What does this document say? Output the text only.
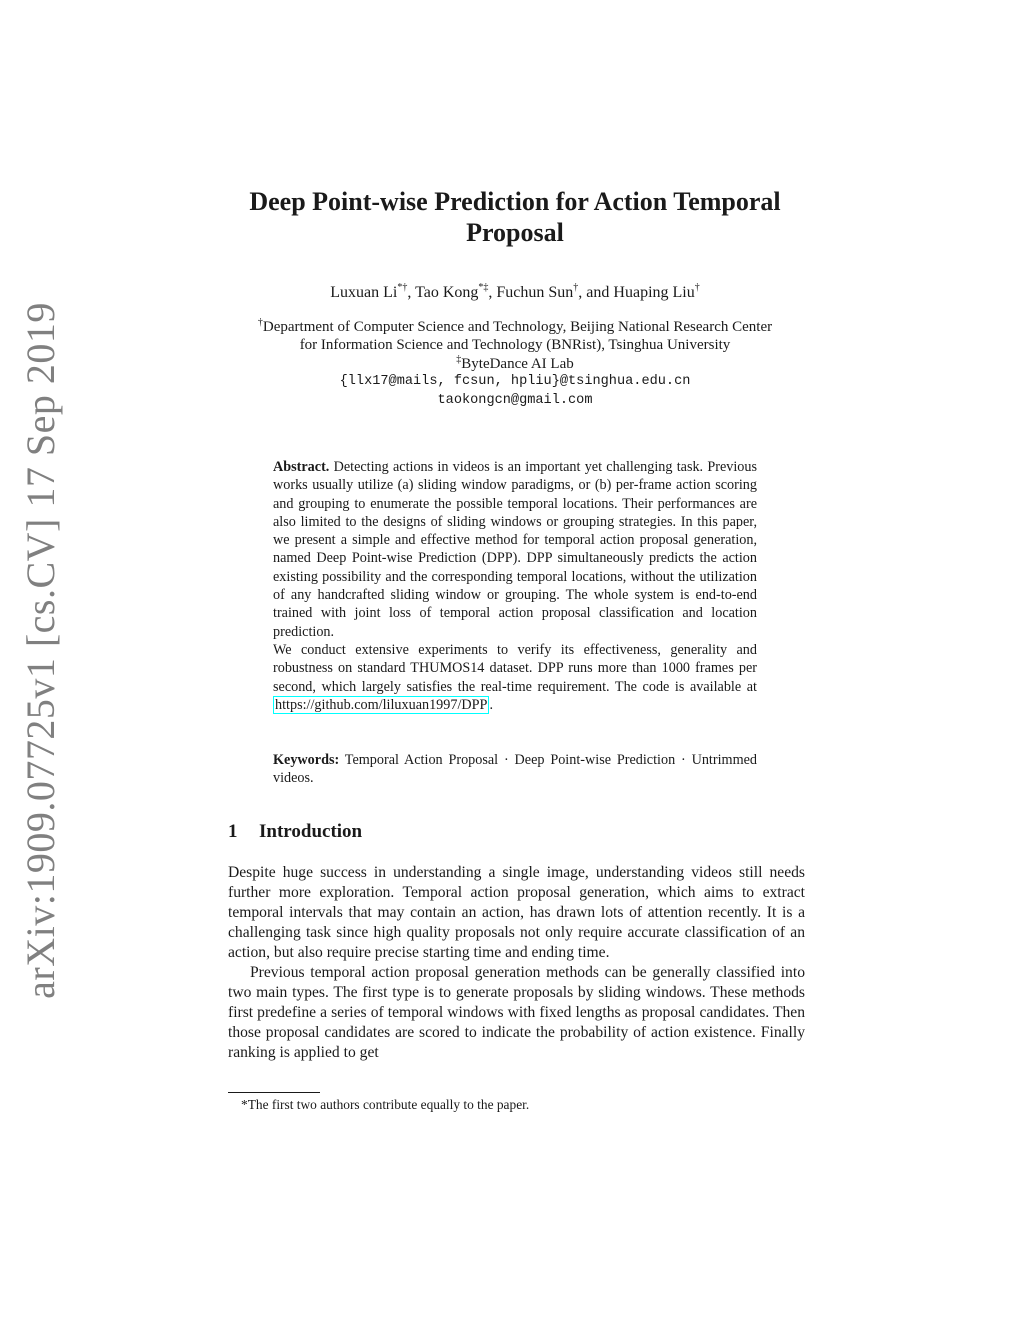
arXiv:1909.07725v1 [cs.CV] 17 Sep 2019
Deep Point-wise Prediction for Action Temporal Proposal
Luxuan Li*†, Tao Kong*‡, Fuchun Sun†, and Huaping Liu†
†Department of Computer Science and Technology, Beijing National Research Center
for Information Science and Technology (BNRist), Tsinghua University
‡ByteDance AI Lab
{llx17@mails, fcsun, hpliu}@tsinghua.edu.cn
taokongcn@gmail.com

Abstract. Detecting actions in videos is an important yet challenging task. Previous works usually utilize (a) sliding window paradigms, or (b) per-frame action scoring and grouping to enumerate the possible temporal locations. Their performances are also limited to the designs of sliding windows or grouping strategies. In this paper, we present a simple and effective method for temporal action proposal generation, named Deep Point-wise Prediction (DPP). DPP simultaneously predicts the action existing possibility and the corresponding temporal locations, without the utilization of any handcrafted sliding window or grouping. The whole system is end-to-end trained with joint loss of temporal action proposal classification and location prediction.

We conduct extensive experiments to verify its effectiveness, generality and robustness on standard THUMOS14 dataset. DPP runs more than 1000 frames per second, which largely satisfies the real-time requirement. The code is available at https://github.com/liluxuan1997/DPP .

Keywords: Temporal Action Proposal · Deep Point-wise Prediction · Untrimmed videos.
1 Introduction

Despite huge success in understanding a single image, understanding videos still needs further more exploration. Temporal action proposal generation, which aims to extract temporal intervals that may contain an action, has drawn lots of attention recently. It is a challenging task since high quality proposals not only require accurate classification of an action, but also require precise starting time and ending time.

Previous temporal action proposal generation methods can be generally classified into two main types. The first type is to generate proposals by sliding windows. These methods first predefine a series of temporal windows with fixed lengths as proposal candidates. Then those proposal candidates are scored to indicate the probability of action existence. Finally ranking is applied to get

*The first two authors contribute equally to the paper.
